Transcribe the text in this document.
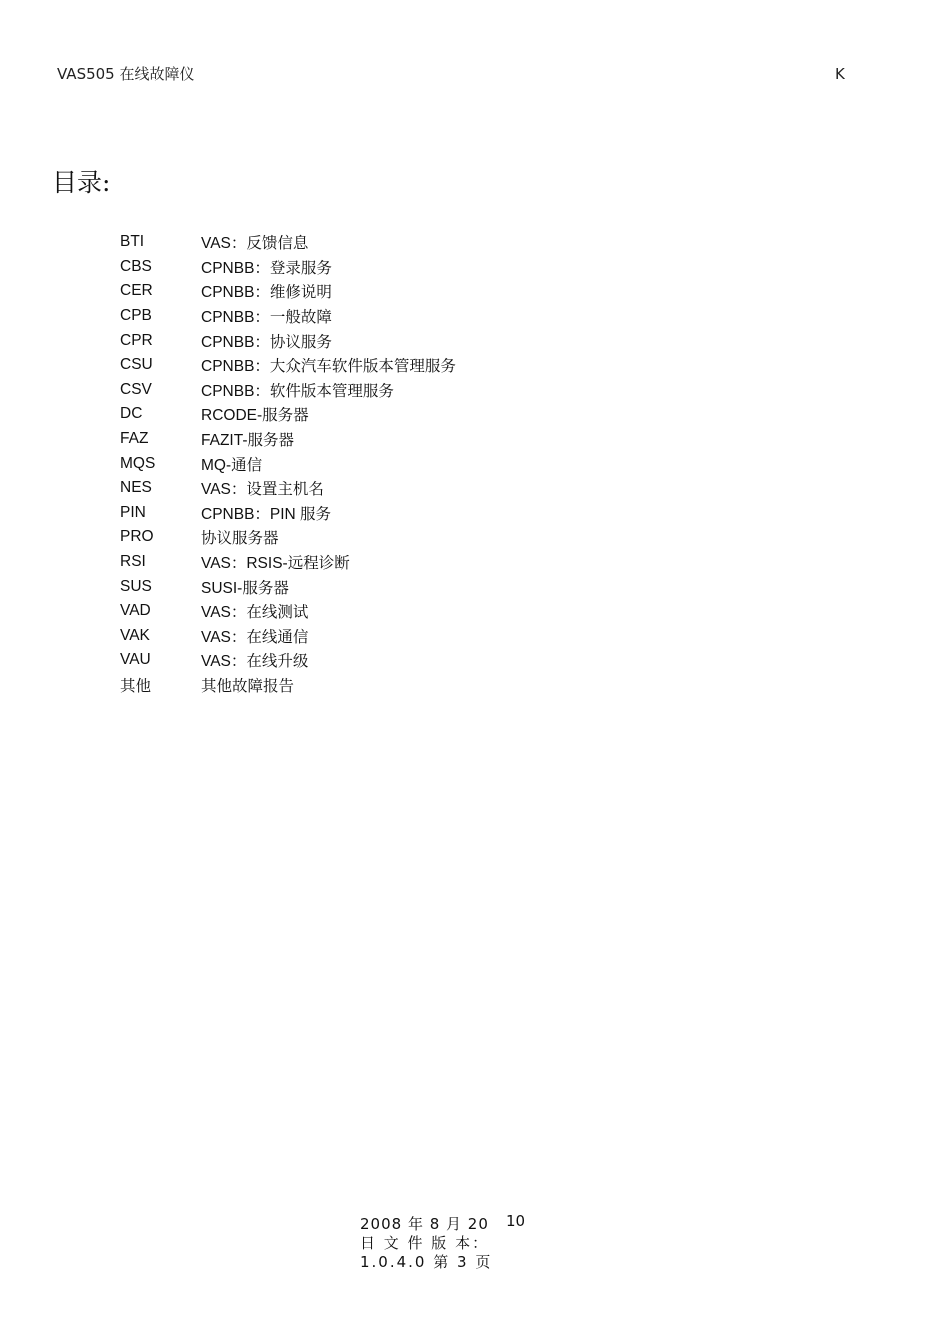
VAS505 在线故障仪	K
目录:
BTI	VAS：反馈信息
CBS	CPNBB：登录服务
CER	CPNBB：维修说明
CPB	CPNBB：一般故障
CPR	CPNBB：协议服务
CSU	CPNBB：大众汽车软件版本管理服务
CSV	CPNBB：软件版本管理服务
DC	RCODE-服务器
FAZ	FAZIT-服务器
MQS	MQ-通信
NES	VAS：设置主机名
PIN	CPNBB：PIN 服务
PRO	协议服务器
RSI	VAS：RSIS-远程诊断
SUS	SUSI-服务器
VAD	VAS：在线测试
VAK	VAS：在线通信
VAU	VAS：在线升级
其他	其他故障报告
2008 年 8 月 20
日 文 件 版 本：
1.0.4.0 第 3 页
10
